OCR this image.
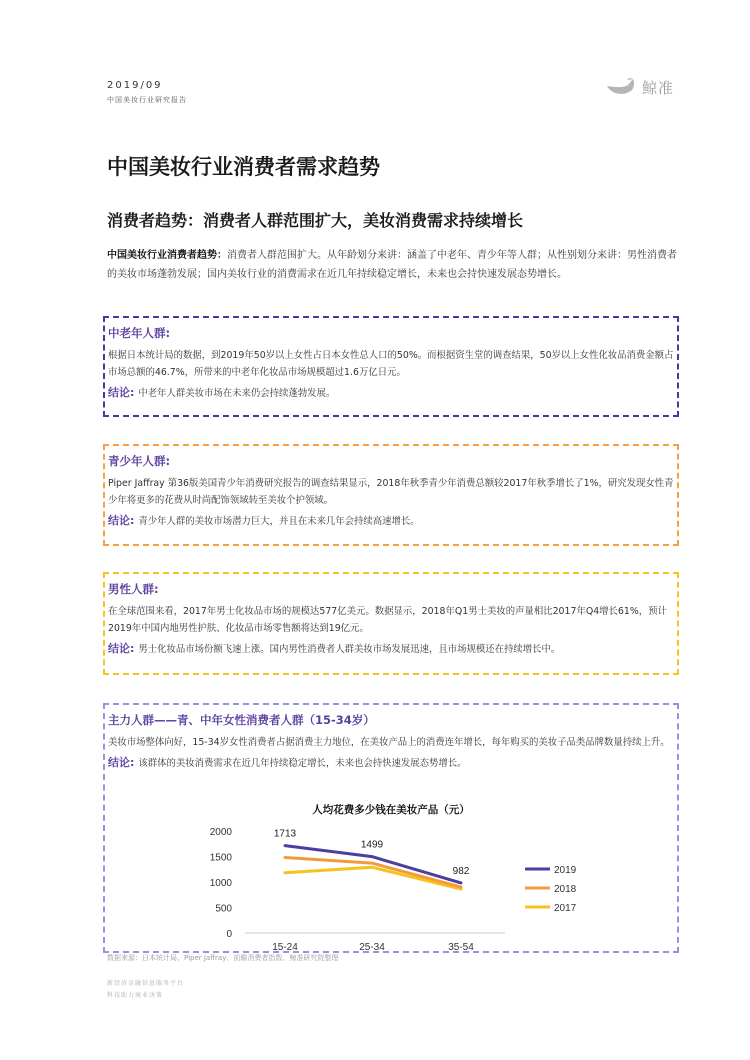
2019/09
中国美妆行业研究报告
鲸准
中国美妆行业消费者需求趋势
消费者趋势：消费者人群范围扩大，美妆消费需求持续增长

中国美妆行业消费者趋势：消费者人群范围扩大。从年龄划分来讲：涵盖了中老年、青少年等人群；从性别划分来讲：男性消费者的美妆市场蓬勃发展；国内美妆行业的消费需求在近几年持续稳定增长，未来也会持快速发展态势增长。

中老年人群:

根据日本统计局的数据，到2019年50岁以上女性占日本女性总人口的50%。而根据资生堂的调查结果，50岁以上女性化妆品消费金额占市场总额的46.7%，所带来的中老年化妆品市场规模超过1.6万亿日元。

结论: 中老年人群美妆市场在未来仍会持续蓬勃发展。
青少年人群:

Piper Jaffray 第36版美国青少年消费研究报告的调查结果显示，2018年秋季青少年消费总额较2017年秋季增长了1%，研究发现女性青少年将更多的花费从时尚配饰领域转至美妆个护领域。

结论: 青少年人群的美妆市场潜力巨大，并且在未来几年会持续高速增长。
男性人群:

在全球范围来看，2017年男士化妆品市场的规模达577亿美元。数据显示，2018年Q1男士美妆的声量相比2017年Q4增长61%，预计2019年中国内地男性护肤、化妆品市场零售额将达到19亿元。

结论: 男士化妆品市场份额飞速上涨。国内男性消费者人群美妆市场发展迅速，且市场规模还在持续增长中。
主力人群——青、中年女性消费者人群（15-34岁）

美妆市场整体向好，15-34岁女性消费者占据消费主力地位，在美妆产品上的消费连年增长，每年购买的美妆子品类品牌数量持续上升。

结论: 该群体的美妆消费需求在近几年持续稳定增长，未来也会持快速发展态势增长。
人均花费多少钱在美妆产品（元）
0
500
1000
1500
2000
15-24	25-34	35-54
1713
1499
982	2019
2018
2017
数据来源：日本统计局、Piper Jaffray、前瞻消费者指数、鲸准研究院整理
新经济金融信息服务平台
科技助力商业决策
